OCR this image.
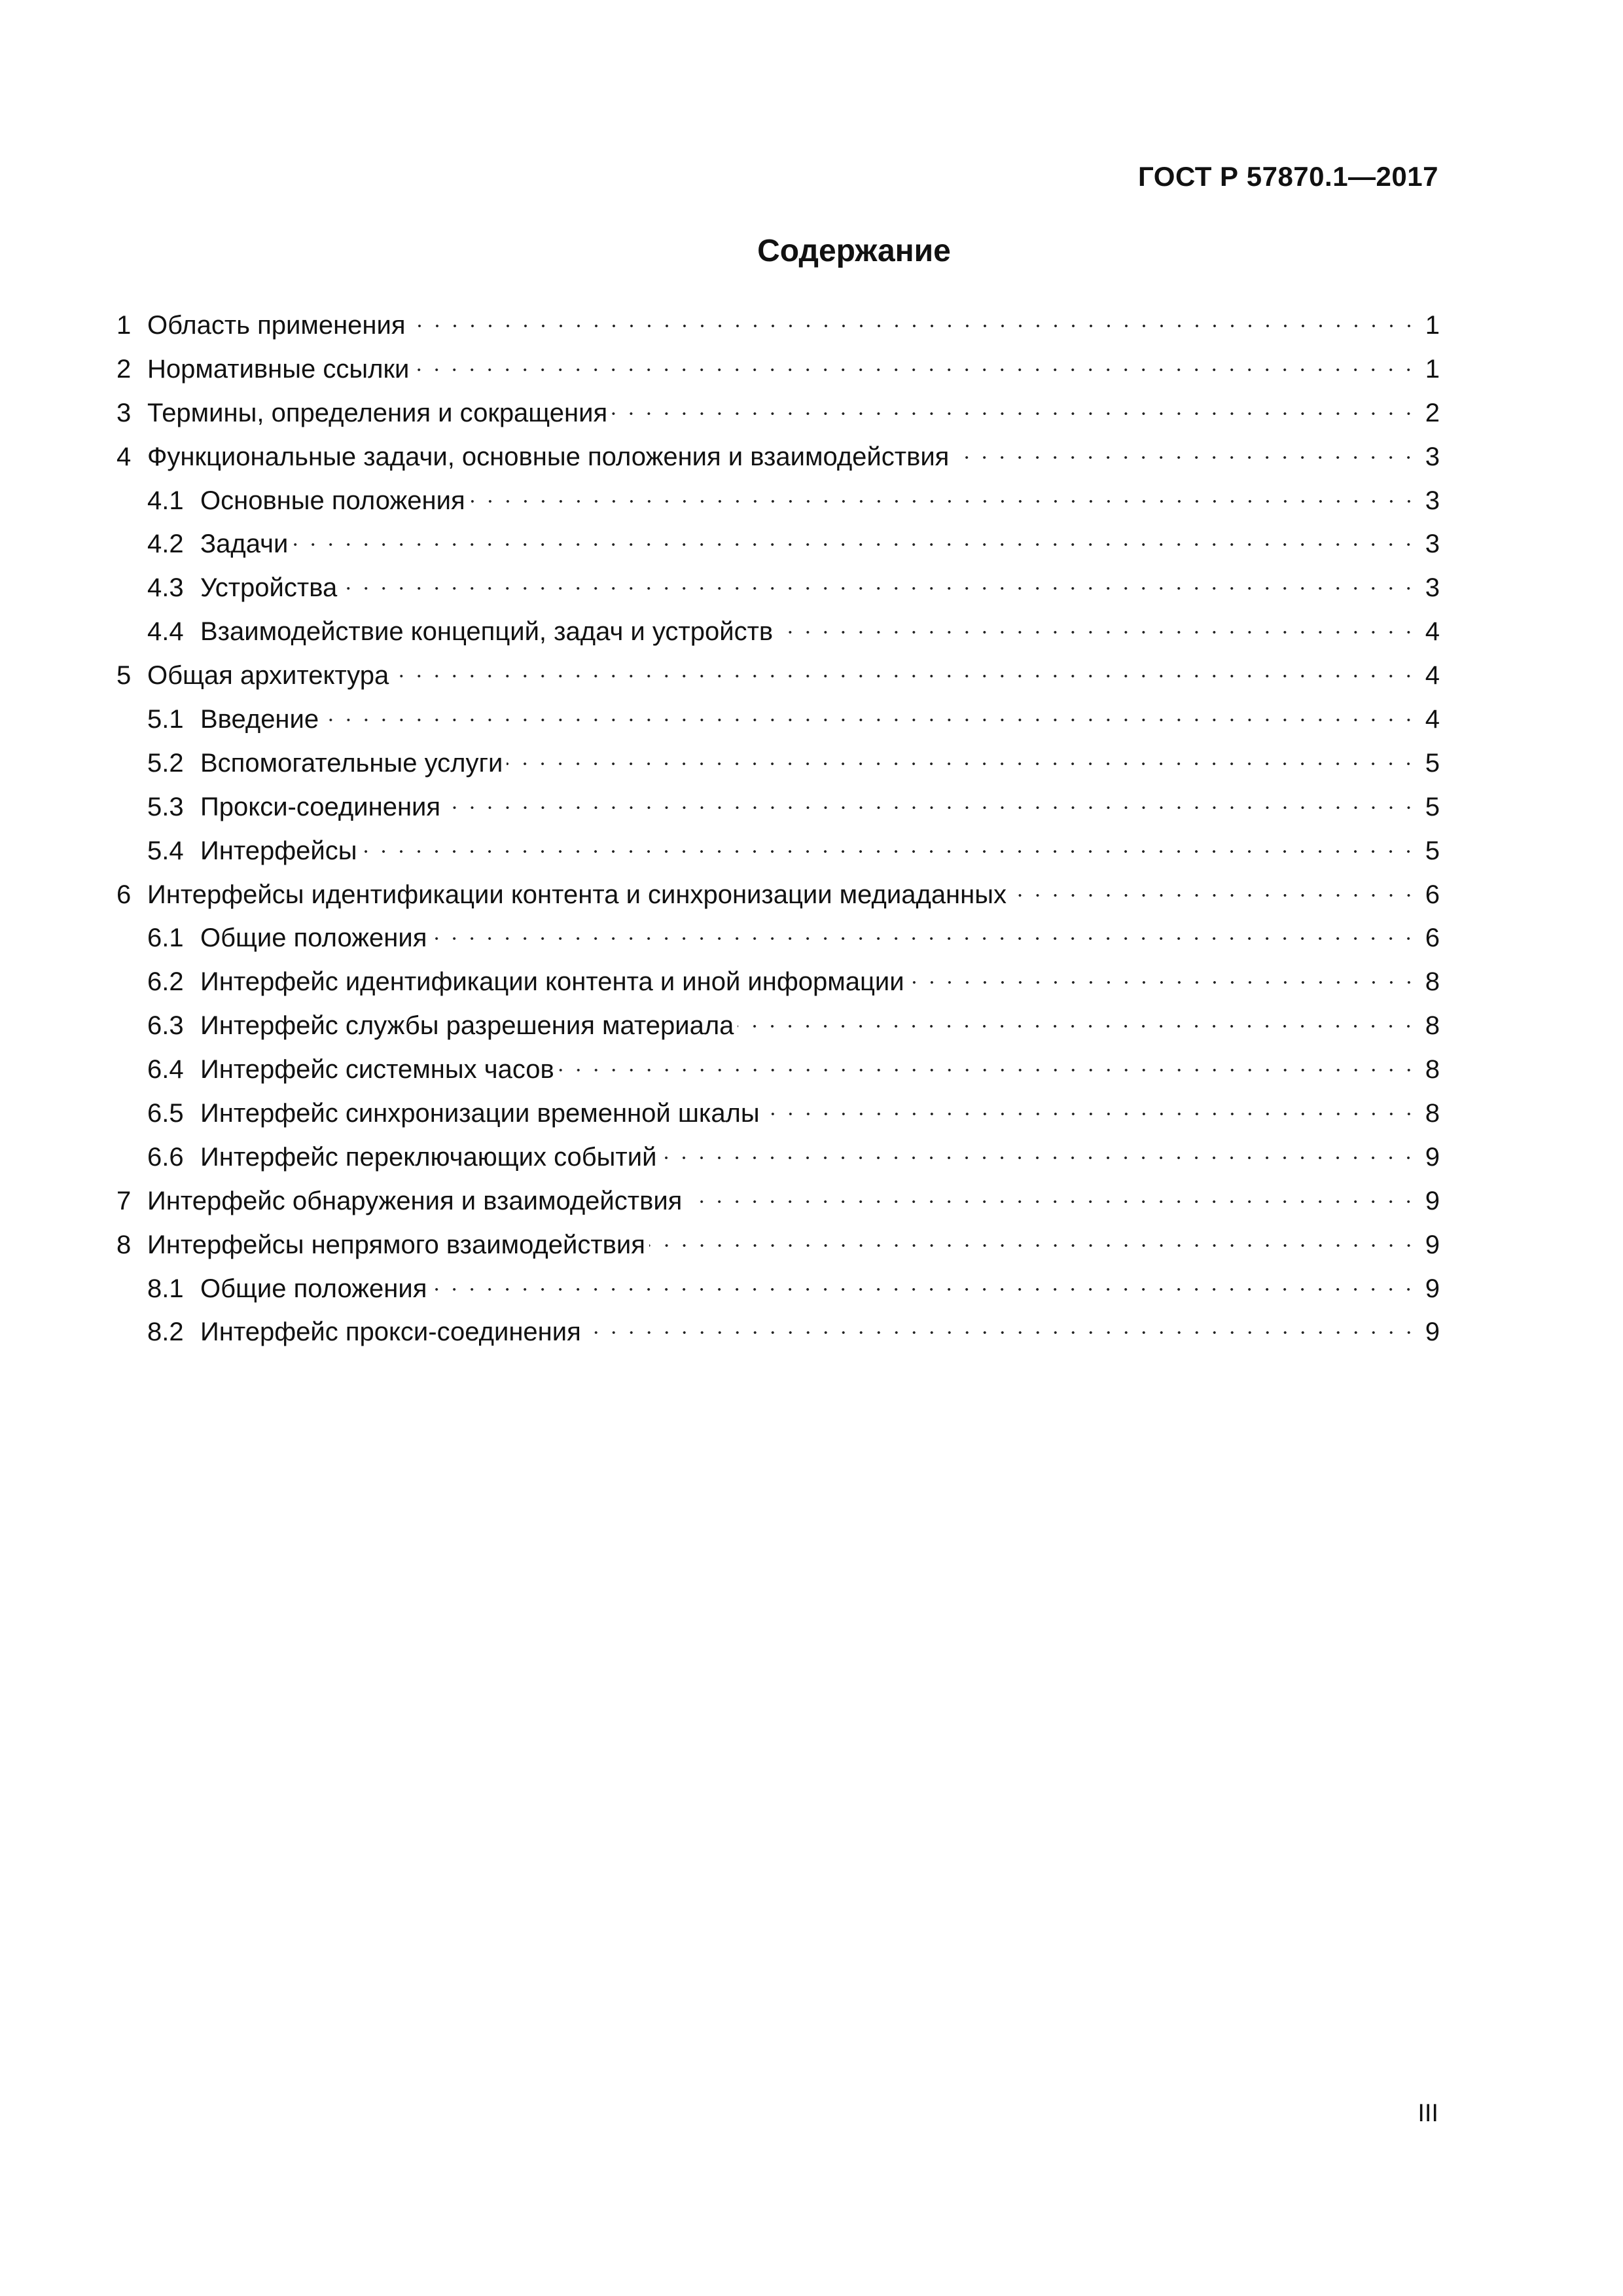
ГОСТ Р 57870.1—2017
Содержание
1 Область применения	1
2 Нормативные ссылки	1
3 Термины, определения и сокращения	2
4 Функциональные задачи, основные положения и взаимодействия	3
4.1 Основные положения	3
4.2 Задачи	3
4.3 Устройства	3
4.4 Взаимодействие концепций, задач и устройств	4
5 Общая архитектура	4
5.1 Введение	4
5.2 Вспомогательные услуги	5
5.3 Прокси-соединения	5
5.4 Интерфейсы	5
6 Интерфейсы идентификации контента и синхронизации медиаданных	6
6.1 Общие положения	6
6.2 Интерфейс идентификации контента и иной информации	8
6.3 Интерфейс службы разрешения материала	8
6.4 Интерфейс системных часов	8
6.5 Интерфейс синхронизации временной шкалы	8
6.6 Интерфейс переключающих событий	9
7 Интерфейс обнаружения и взаимодействия	9
8 Интерфейсы непрямого взаимодействия	9
8.1 Общие положения	9
8.2 Интерфейс прокси-соединения	9
III
